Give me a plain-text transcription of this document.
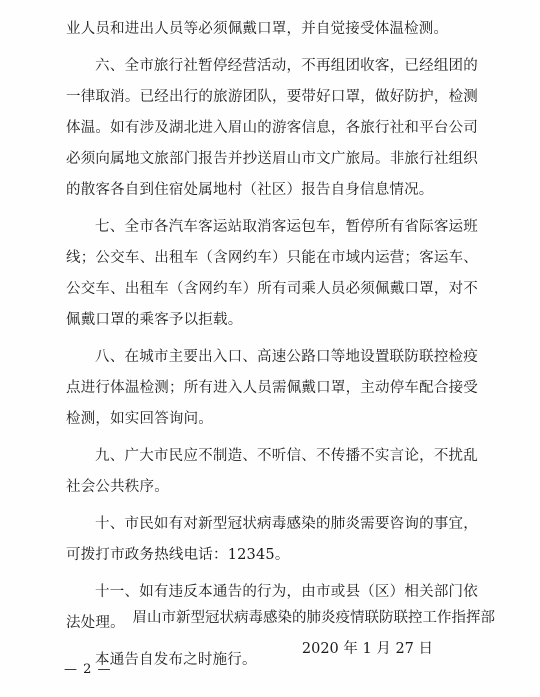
业人员和进出人员等必须佩戴口罩，并自觉接受体温检测。

六、全市旅行社暂停经营活动，不再组团收客，已经组团的一律取消。已经出行的旅游团队，要带好口罩，做好防护，检测体温。如有涉及湖北进入眉山的游客信息，各旅行社和平台公司必须向属地文旅部门报告并抄送眉山市文广旅局。非旅行社组织的散客各自到住宿处属地村（社区）报告自身信息情况。

七、全市各汽车客运站取消客运包车，暂停所有省际客运班线；公交车、出租车（含网约车）只能在市域内运营；客运车、公交车、出租车（含网约车）所有司乘人员必须佩戴口罩，对不佩戴口罩的乘客予以拒载。

八、在城市主要出入口、高速公路口等地设置联防联控检疫点进行体温检测；所有进入人员需佩戴口罩，主动停车配合接受检测，如实回答询问。

九、广大市民应不制造、不听信、不传播不实言论，不扰乱社会公共秩序。

十、市民如有对新型冠状病毒感染的肺炎需要咨询的事宜，可拨打市政务热线电话：12345。

十一、如有违反本通告的行为，由市或县（区）相关部门依法处理。

本通告自发布之时施行。

眉山市新型冠状病毒感染的肺炎疫情联防联控工作指挥部
2020 年 1 月 27 日
— 2 —
